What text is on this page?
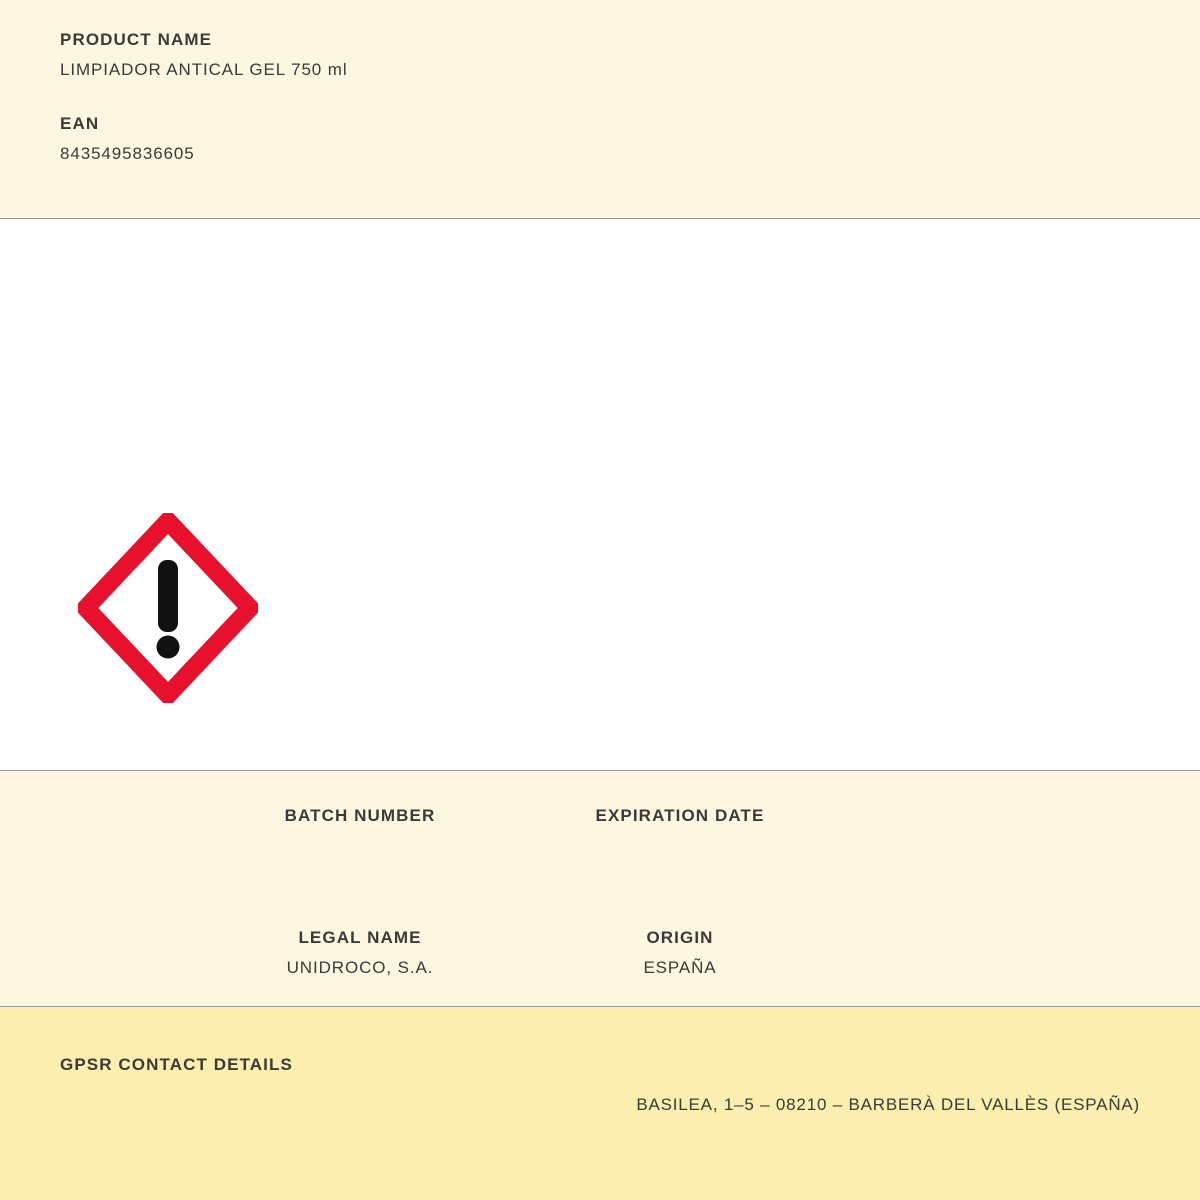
PRODUCT NAME

LIMPIADOR ANTICAL GEL 750 ml

EAN

8435495836605

BATCH NUMBER	EXPIRATION DATE

LEGAL NAME

UNIDROCO, S.A.

ORIGIN

ESPAÑA

GPSR CONTACT DETAILS

BASILEA, 1–5 – 08210 – BARBERÀ DEL VALLÈS (ESPAÑA)
